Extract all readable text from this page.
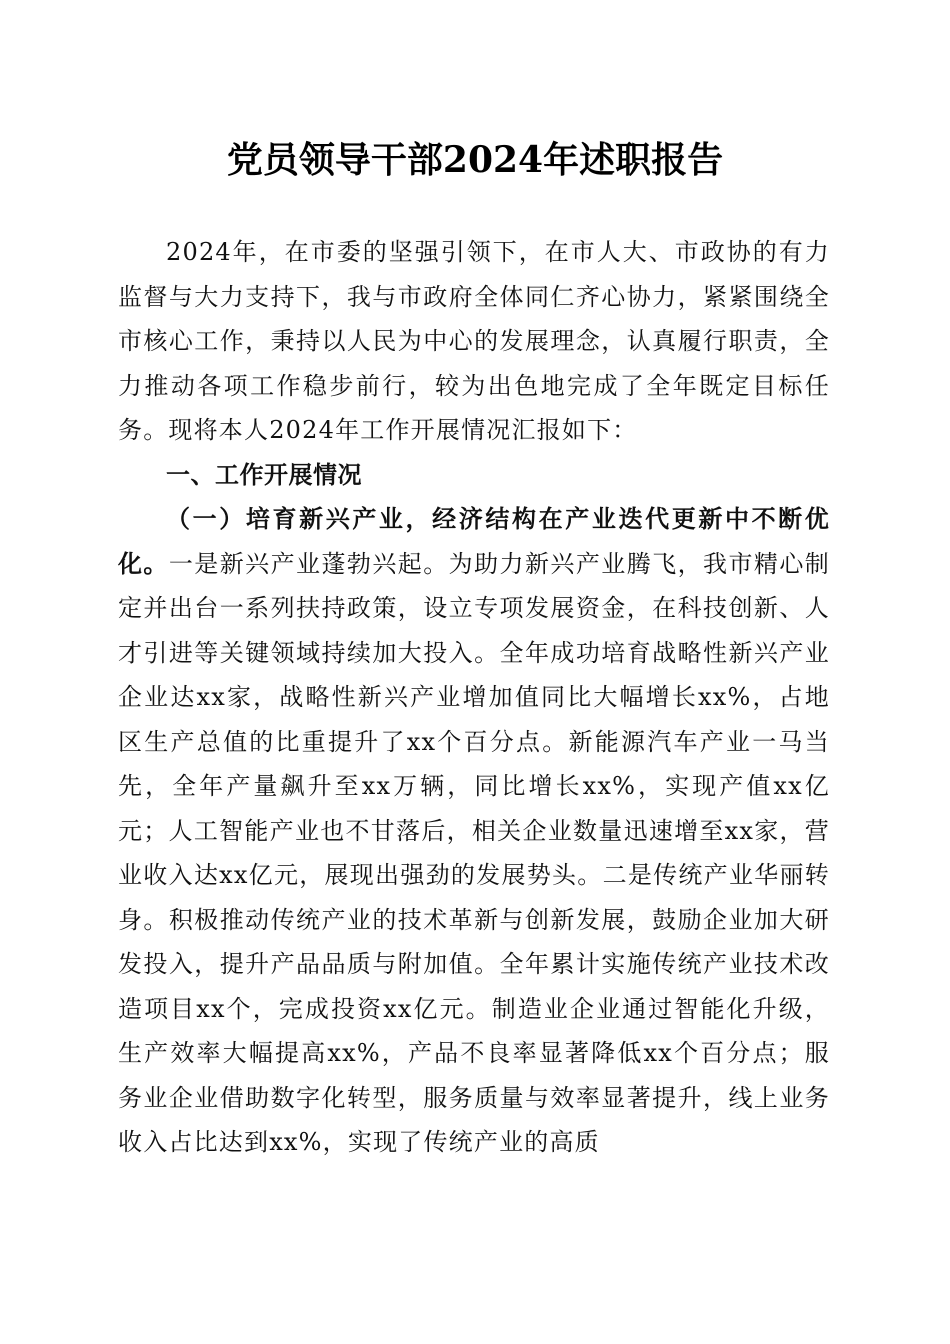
党员领导干部2024年述职报告

2024年，在市委的坚强引领下，在市人大、市政协的有力监督与大力支持下，我与市政府全体同仁齐心协力，紧紧围绕全市核心工作，秉持以人民为中心的发展理念，认真履行职责，全力推动各项工作稳步前行，较为出色地完成了全年既定目标任务。现将本人2024年工作开展情况汇报如下：

一、工作开展情况

（一）培育新兴产业，经济结构在产业迭代更新中不断优化。一是新兴产业蓬勃兴起。为助力新兴产业腾飞，我市精心制定并出台一系列扶持政策，设立专项发展资金，在科技创新、人才引进等关键领域持续加大投入。全年成功培育战略性新兴产业企业达xx家，战略性新兴产业增加值同比大幅增长xx%，占地区生产总值的比重提升了xx个百分点。新能源汽车产业一马当先，全年产量飙升至xx万辆，同比增长xx%，实现产值xx亿元；人工智能产业也不甘落后，相关企业数量迅速增至xx家，营业收入达xx亿元，展现出强劲的发展势头。二是传统产业华丽转身。积极推动传统产业的技术革新与创新发展，鼓励企业加大研发投入，提升产品品质与附加值。全年累计实施传统产业技术改造项目xx个，完成投资xx亿元。制造业企业通过智能化升级，生产效率大幅提高xx%，产品不良率显著降低xx个百分点；服务业企业借助数字化转型，服务质量与效率显著提升，线上业务收入占比达到xx%，实现了传统产业的高质
